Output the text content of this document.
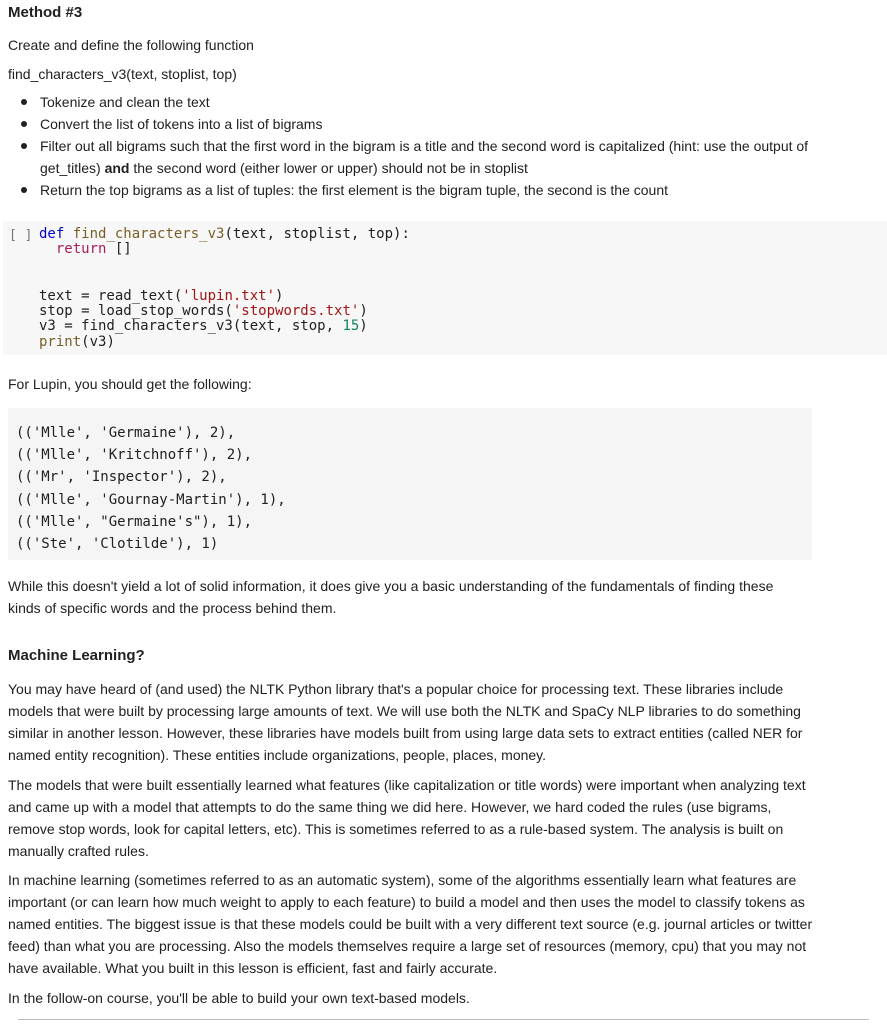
Method #3

Create and define the following function

find_characters_v3(text, stoplist, top)

Tokenize and clean the text
Convert the list of tokens into a list of bigrams
Filter out all bigrams such that the first word in the bigram is a title and the second word is capitalized (hint: use the output of get_titles) and the second word (either lower or upper) should not be in stoplist
Return the top bigrams as a list of tuples: the first element is the bigram tuple, the second is the count
[ ] def find_characters_v3(text, stoplist, top):
return []

text = read_text('lupin.txt')
stop = load_stop_words('stopwords.txt')
v3 = find_characters_v3(text, stop, 15)
print(v3)

For Lupin, you should get the following:

(('Mlle', 'Germaine'), 2),
(('Mlle', 'Kritchnoff'), 2),
(('Mr', 'Inspector'), 2),
(('Mlle', 'Gournay-Martin'), 1),
(('Mlle', "Germaine's"), 1),
(('Ste', 'Clotilde'), 1)

While this doesn't yield a lot of solid information, it does give you a basic understanding of the fundamentals of finding these kinds of specific words and the process behind them.

Machine Learning?

You may have heard of (and used) the NLTK Python library that's a popular choice for processing text. These libraries include models that were built by processing large amounts of text. We will use both the NLTK and SpaCy NLP libraries to do something similar in another lesson. However, these libraries have models built from using large data sets to extract entities (called NER for named entity recognition). These entities include organizations, people, places, money.

The models that were built essentially learned what features (like capitalization or title words) were important when analyzing text and came up with a model that attempts to do the same thing we did here. However, we hard coded the rules (use bigrams, remove stop words, look for capital letters, etc). This is sometimes referred to as a rule-based system. The analysis is built on manually crafted rules.

In machine learning (sometimes referred to as an automatic system), some of the algorithms essentially learn what features are important (or can learn how much weight to apply to each feature) to build a model and then uses the model to classify tokens as named entities. The biggest issue is that these models could be built with a very different text source (e.g. journal articles or twitter feed) than what you are processing. Also the models themselves require a large set of resources (memory, cpu) that you may not have available. What you built in this lesson is efficient, fast and fairly accurate.

In the follow-on course, you'll be able to build your own text-based models.
